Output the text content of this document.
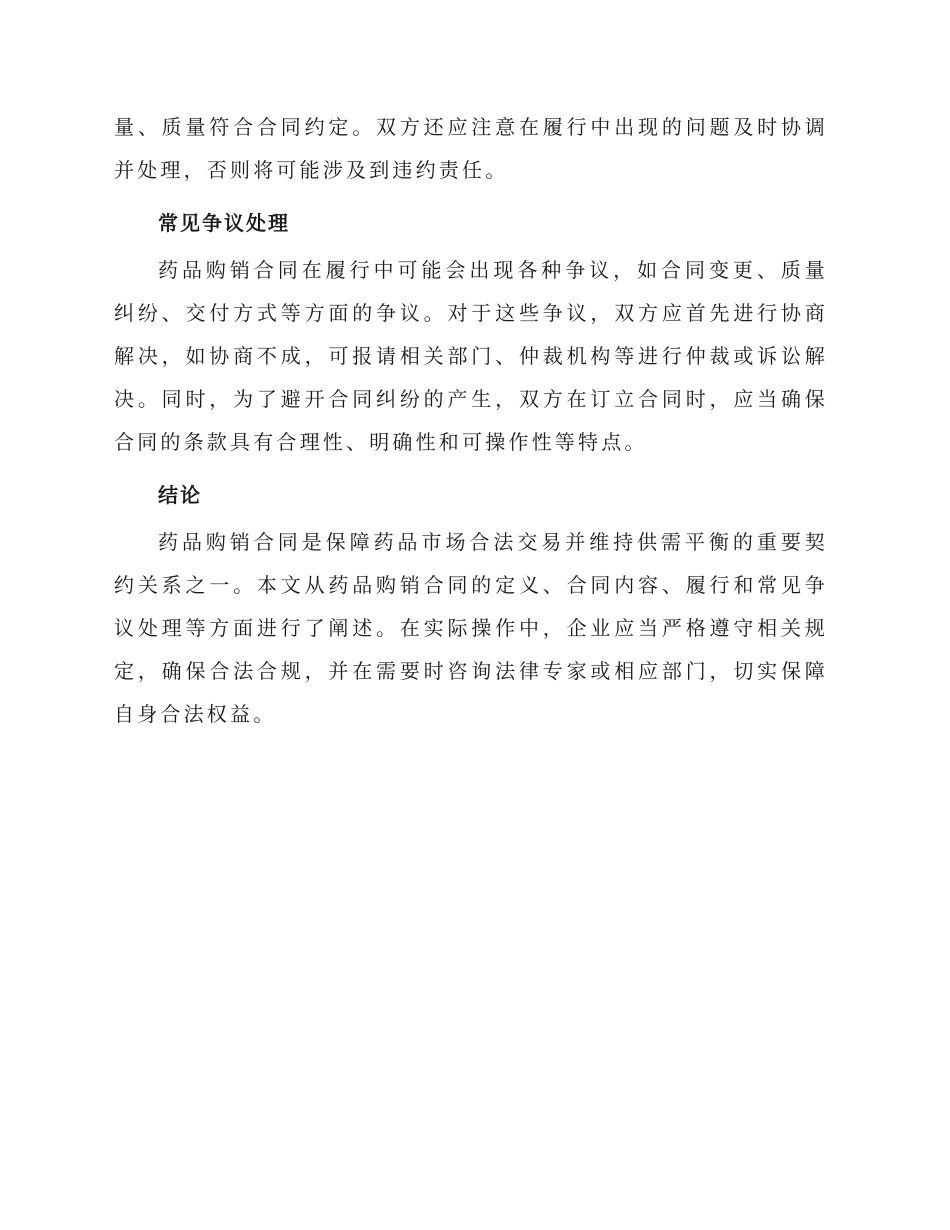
量、质量符合合同约定。双方还应注意在履行中出现的问题及时协调并处理，否则将可能涉及到违约责任。

常见争议处理

药品购销合同在履行中可能会出现各种争议，如合同变更、质量纠纷、交付方式等方面的争议。对于这些争议，双方应首先进行协商解决，如协商不成，可报请相关部门、仲裁机构等进行仲裁或诉讼解决。同时，为了避开合同纠纷的产生，双方在订立合同时，应当确保合同的条款具有合理性、明确性和可操作性等特点。

结论

药品购销合同是保障药品市场合法交易并维持供需平衡的重要契约关系之一。本文从药品购销合同的定义、合同内容、履行和常见争议处理等方面进行了阐述。在实际操作中，企业应当严格遵守相关规定，确保合法合规，并在需要时咨询法律专家或相应部门，切实保障自身合法权益。
